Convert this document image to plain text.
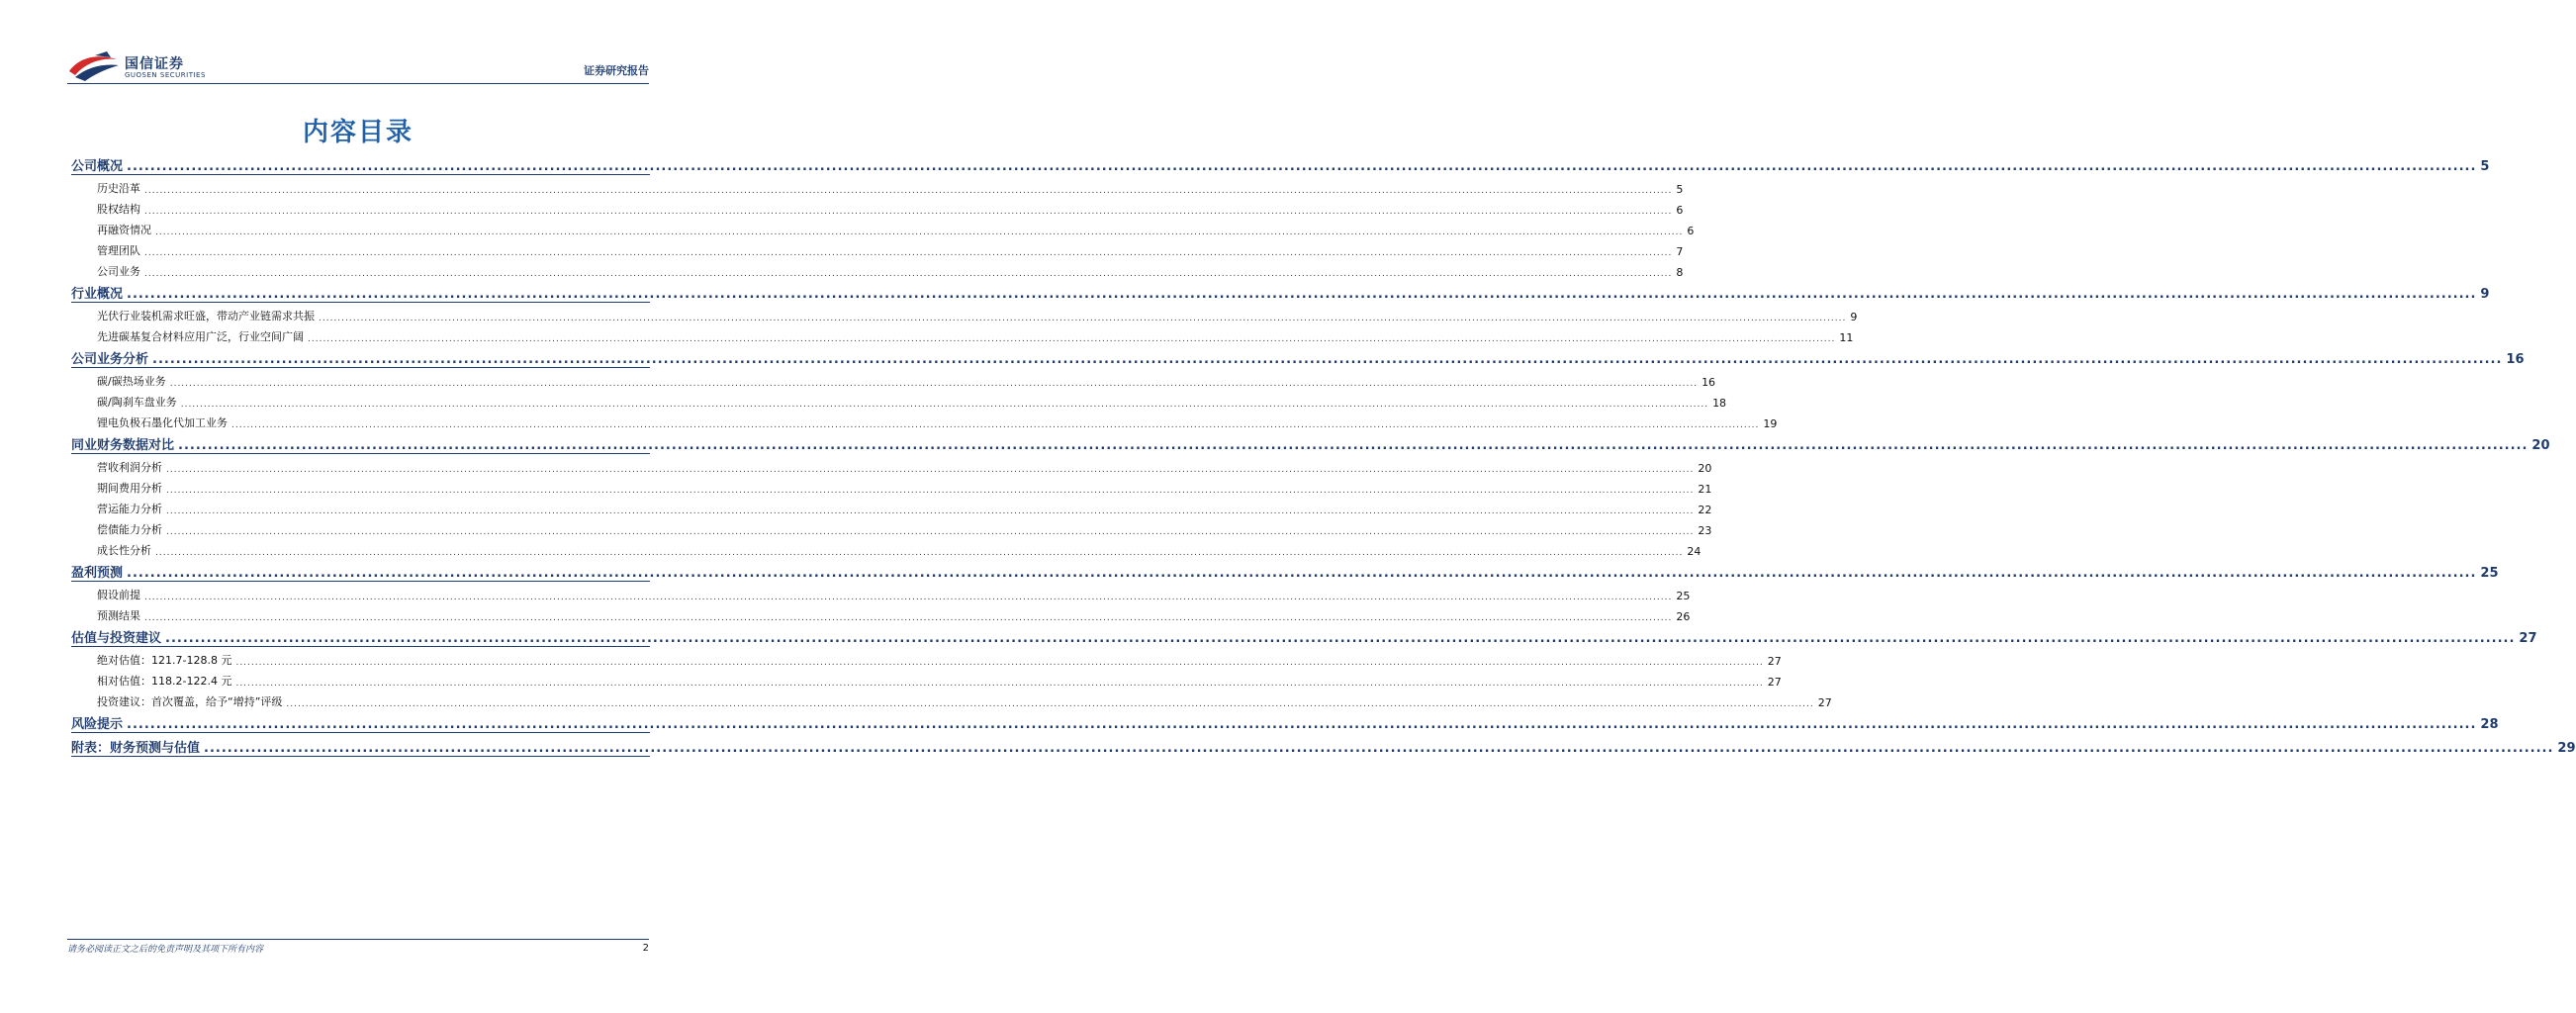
国信证券
GUOSEN SECURITIES	证券研究报告
内容目录
公司概况 ................................................................................................................................................................................................................................................................................................................................................................................................................ 5
历史沿革 ................................................................................................................................................................................................................................................................................................................................................................................................................ 5
股权结构 ................................................................................................................................................................................................................................................................................................................................................................................................................ 6
再融资情况 ................................................................................................................................................................................................................................................................................................................................................................................................................ 6
管理团队 ................................................................................................................................................................................................................................................................................................................................................................................................................ 7
公司业务 ................................................................................................................................................................................................................................................................................................................................................................................................................ 8
行业概况 ................................................................................................................................................................................................................................................................................................................................................................................................................ 9
光伏行业装机需求旺盛，带动产业链需求共振 ................................................................................................................................................................................................................................................................................................................................................................................................................ 9
先进碳基复合材料应用广泛，行业空间广阔 ................................................................................................................................................................................................................................................................................................................................................................................................................ 11
公司业务分析 ................................................................................................................................................................................................................................................................................................................................................................................................................ 16
碳/碳热场业务 ................................................................................................................................................................................................................................................................................................................................................................................................................ 16
碳/陶刹车盘业务 ................................................................................................................................................................................................................................................................................................................................................................................................................ 18
锂电负极石墨化代加工业务 ................................................................................................................................................................................................................................................................................................................................................................................................................ 19
同业财务数据对比 ................................................................................................................................................................................................................................................................................................................................................................................................................ 20
营收利润分析 ................................................................................................................................................................................................................................................................................................................................................................................................................ 20
期间费用分析 ................................................................................................................................................................................................................................................................................................................................................................................................................ 21
营运能力分析 ................................................................................................................................................................................................................................................................................................................................................................................................................ 22
偿债能力分析 ................................................................................................................................................................................................................................................................................................................................................................................................................ 23
成长性分析 ................................................................................................................................................................................................................................................................................................................................................................................................................ 24
盈利预测 ................................................................................................................................................................................................................................................................................................................................................................................................................ 25
假设前提 ................................................................................................................................................................................................................................................................................................................................................................................................................ 25
预测结果 ................................................................................................................................................................................................................................................................................................................................................................................................................ 26
估值与投资建议 ................................................................................................................................................................................................................................................................................................................................................................................................................ 27
绝对估值：121.7-128.8 元 ................................................................................................................................................................................................................................................................................................................................................................................................................ 27
相对估值：118.2-122.4 元 ................................................................................................................................................................................................................................................................................................................................................................................................................ 27
投资建议：首次覆盖，给予“增持”评级 ................................................................................................................................................................................................................................................................................................................................................................................................................ 27
风险提示 ................................................................................................................................................................................................................................................................................................................................................................................................................ 28
附表：财务预测与估值 ................................................................................................................................................................................................................................................................................................................................................................................................................ 29
请务必阅读正文之后的免责声明及其项下所有内容	2
